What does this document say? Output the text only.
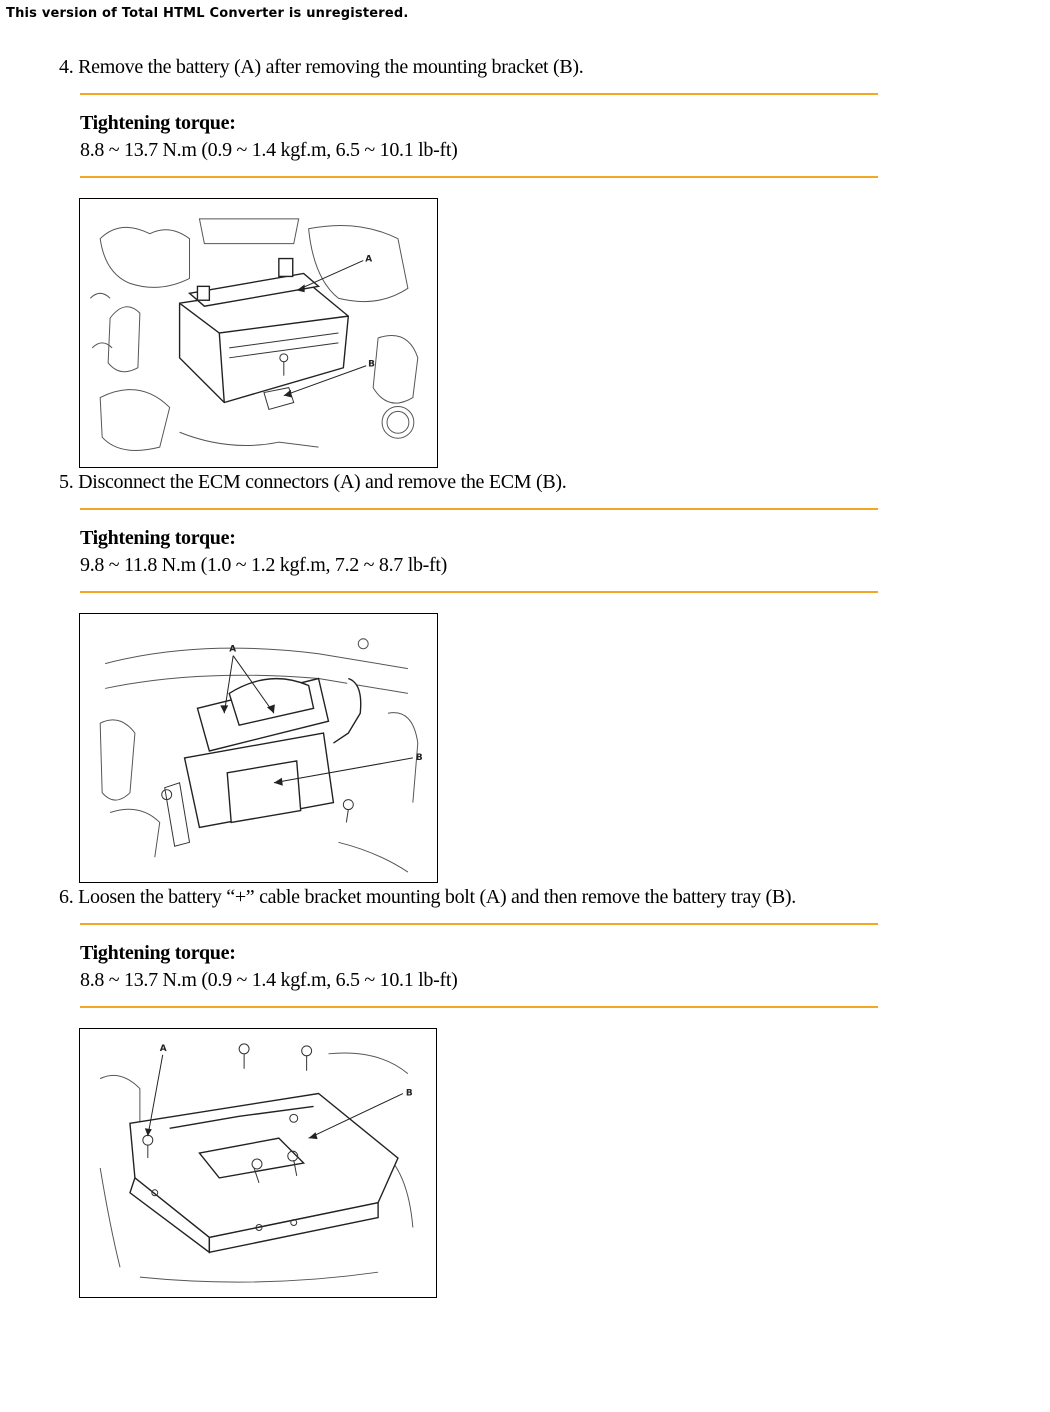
This version of Total HTML Converter is unregistered.
4. Remove the battery (A) after removing the mounting bracket (B).
Tightening torque:
8.8 ~ 13.7 N.m (0.9 ~ 1.4 kgf.m, 6.5 ~ 10.1 lb-ft)
A
B
5. Disconnect the ECM connectors (A) and remove the ECM (B).
Tightening torque:
9.8 ~ 11.8 N.m (1.0 ~ 1.2 kgf.m, 7.2 ~ 8.7 lb-ft)
A
B
6. Loosen the battery “+” cable bracket mounting bolt (A) and then remove the battery tray (B).
Tightening torque:
8.8 ~ 13.7 N.m (0.9 ~ 1.4 kgf.m, 6.5 ~ 10.1 lb-ft)
A
B
